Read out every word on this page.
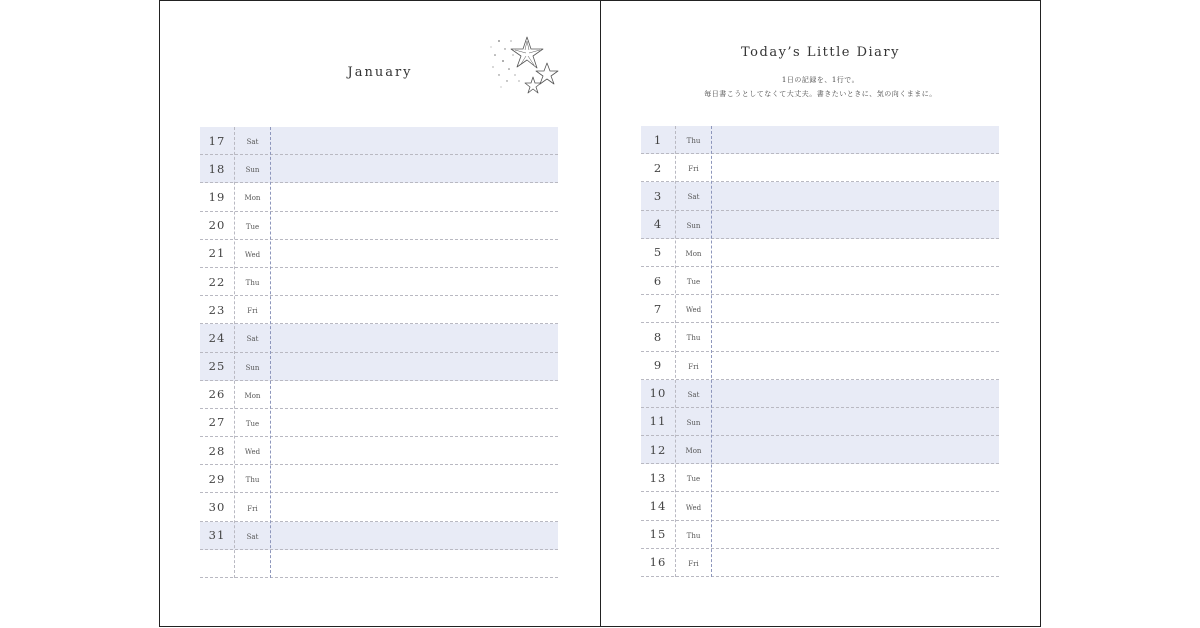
January
17	Sat
18	Sun
19	Mon
20	Tue
21	Wed
22	Thu
23	Fri
24	Sat
25	Sun
26	Mon
27	Tue
28	Wed
29	Thu
30	Fri
31	Sat
Today’s Little Diary
1日の記録を、1行で。
毎日書こうとしてなくて大丈夫。書きたいときに、気の向くままに。
1	Thu
2	Fri
3	Sat
4	Sun
5	Mon
6	Tue
7	Wed
8	Thu
9	Fri
10	Sat
11	Sun
12	Mon
13	Tue
14	Wed
15	Thu
16	Fri
